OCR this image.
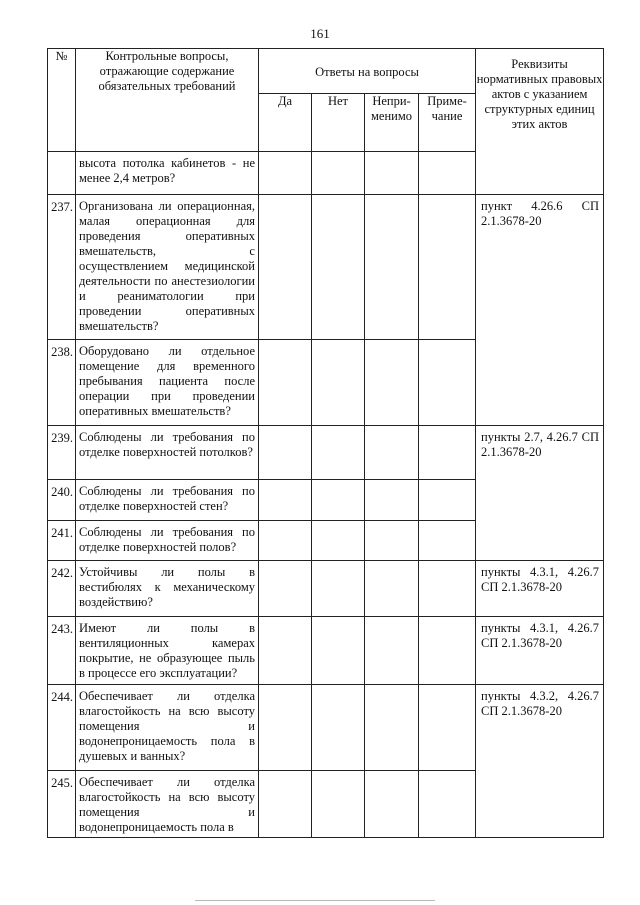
161
№	Контрольные вопросы, отражающие содержание обязательных требований	Ответы на вопросы				Реквизиты нормативных правовых актов с указанием структурных единиц этих актов
		Да	Нет	Непри-менимо	Приме-чание	
	высота потолка кабинетов - не менее 2,4 метров?					
237.	Организована ли операционная, малая операционная для проведения оперативных вмешательств, с осуществлением медицинской деятельности по анестезиологии и реаниматологии при проведении оперативных вмешательств?					пункт 4.26.6 СП 2.1.3678-20
238.	Оборудовано ли отдельное помещение для временного пребывания пациента после операции при проведении оперативных вмешательств?					
239.	Соблюдены ли требования по отделке поверхностей потолков?					пункты 2.7, 4.26.7 СП 2.1.3678-20
240.	Соблюдены ли требования по отделке поверхностей стен?					
241.	Соблюдены ли требования по отделке поверхностей полов?					
242.	Устойчивы ли полы в вестибюлях к механическому воздействию?					пункты 4.3.1, 4.26.7 СП 2.1.3678-20
243.	Имеют ли полы в вентиляционных камерах покрытие, не образующее пыль в процессе его эксплуатации?					пункты 4.3.1, 4.26.7 СП 2.1.3678-20
244.	Обеспечивает ли отделка влагостойкость на всю высоту помещения и водонепроницаемость пола в душевых и ванных?					пункты 4.3.2, 4.26.7 СП 2.1.3678-20
245.	Обеспечивает ли отделка влагостойкость на всю высоту помещения и водонепроницаемость пола в					
